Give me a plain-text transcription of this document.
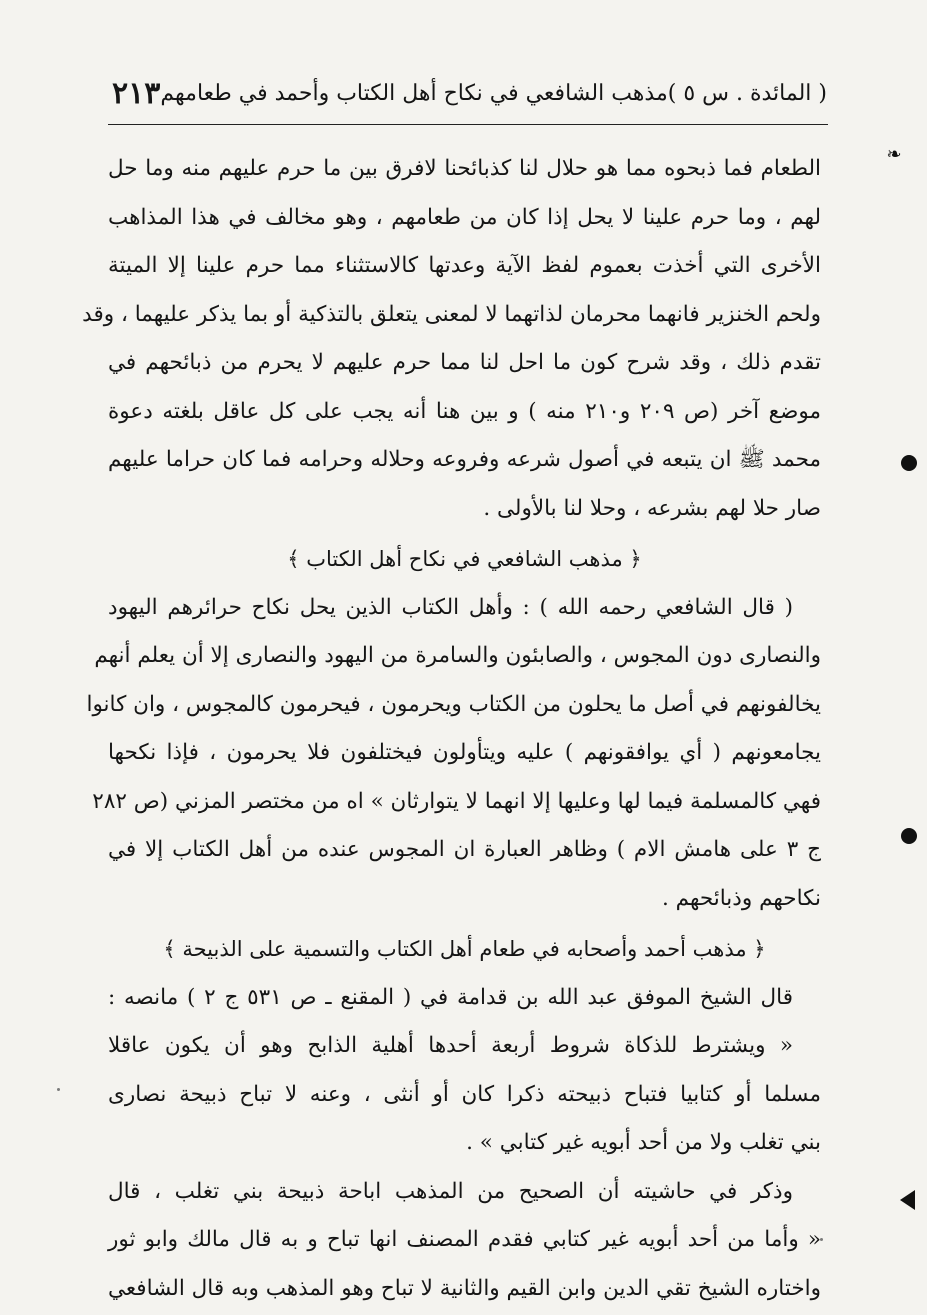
❧
( المائدة . س ٥ )مذهب الشافعي في نكاح أهل الكتاب وأحمد في طعامهم
٢١٣
الطعام فما ذبحوه مما هو حلال لنا كذبائحنا لافرق بين ما حرم عليهم منه وما حل
لهم ، وما حرم علينا لا يحل إذا كان من طعامهم ، وهو مخالف في هذا المذاهب
الأخرى التي أخذت بعموم لفظ الآية وعدتها كالاستثناء مما حرم علينا إلا الميتة
ولحم الخنزير فانهما محرمان لذاتهما لا لمعنى يتعلق بالتذكية أو بما يذكر عليهما ، وقد
تقدم ذلك ، وقد شرح كون ما احل لنا مما حرم عليهم لا يحرم من ذبائحهم في
موضع آخر (ص ٢٠٩ و٢١٠ منه ) و بين هنا أنه يجب على كل عاقل بلغته دعوة
محمد ﷺ ان يتبعه في أصول شرعه وفروعه وحلاله وحرامه فما كان حراما عليهم
صار حلا لهم بشرعه ، وحلا لنا بالأولى .
﴿ مذهب الشافعي في نكاح أهل الكتاب ﴾
( قال الشافعي رحمه الله ) : وأهل الكتاب الذين يحل نكاح حرائرهم اليهود
والنصارى دون المجوس ، والصابئون والسامرة من اليهود والنصارى إلا أن يعلم أنهم
يخالفونهم في أصل ما يحلون من الكتاب ويحرمون ، فيحرمون كالمجوس ، وان كانوا
يجامعونهم ( أي يوافقونهم ) عليه ويتأولون فيختلفون فلا يحرمون ، فإذا نكحها
فهي كالمسلمة فيما لها وعليها إلا انهما لا يتوارثان » اه من مختصر المزني (ص ٢٨٢
ج ٣ على هامش الام ) وظاهر العبارة ان المجوس عنده من أهل الكتاب إلا في
نكاحهم وذبائحهم .
﴿ مذهب أحمد وأصحابه في طعام أهل الكتاب والتسمية على الذبيحة ﴾
قال الشيخ الموفق عبد الله بن قدامة في ( المقنع ـ ص ٥٣١ ج ٢ ) مانصه :
« ويشترط للذكاة شروط أربعة أحدها أهلية الذابح وهو أن يكون عاقلا
مسلما أو كتابيا فتباح ذبيحته ذكرا كان أو أنثى ، وعنه لا تباح ذبيحة نصارى
بني تغلب ولا من أحد أبويه غير كتابي » .
وذكر في حاشيته أن الصحيح من المذهب اباحة ذبيحة بني تغلب ، قال
« وأما من أحد أبويه غير كتابي فقدم المصنف انها تباح و به قال مالك وابو ثور
واختاره الشيخ تقي الدين وابن القيم والثانية لا تباح وهو المذهب وبه قال الشافعي
